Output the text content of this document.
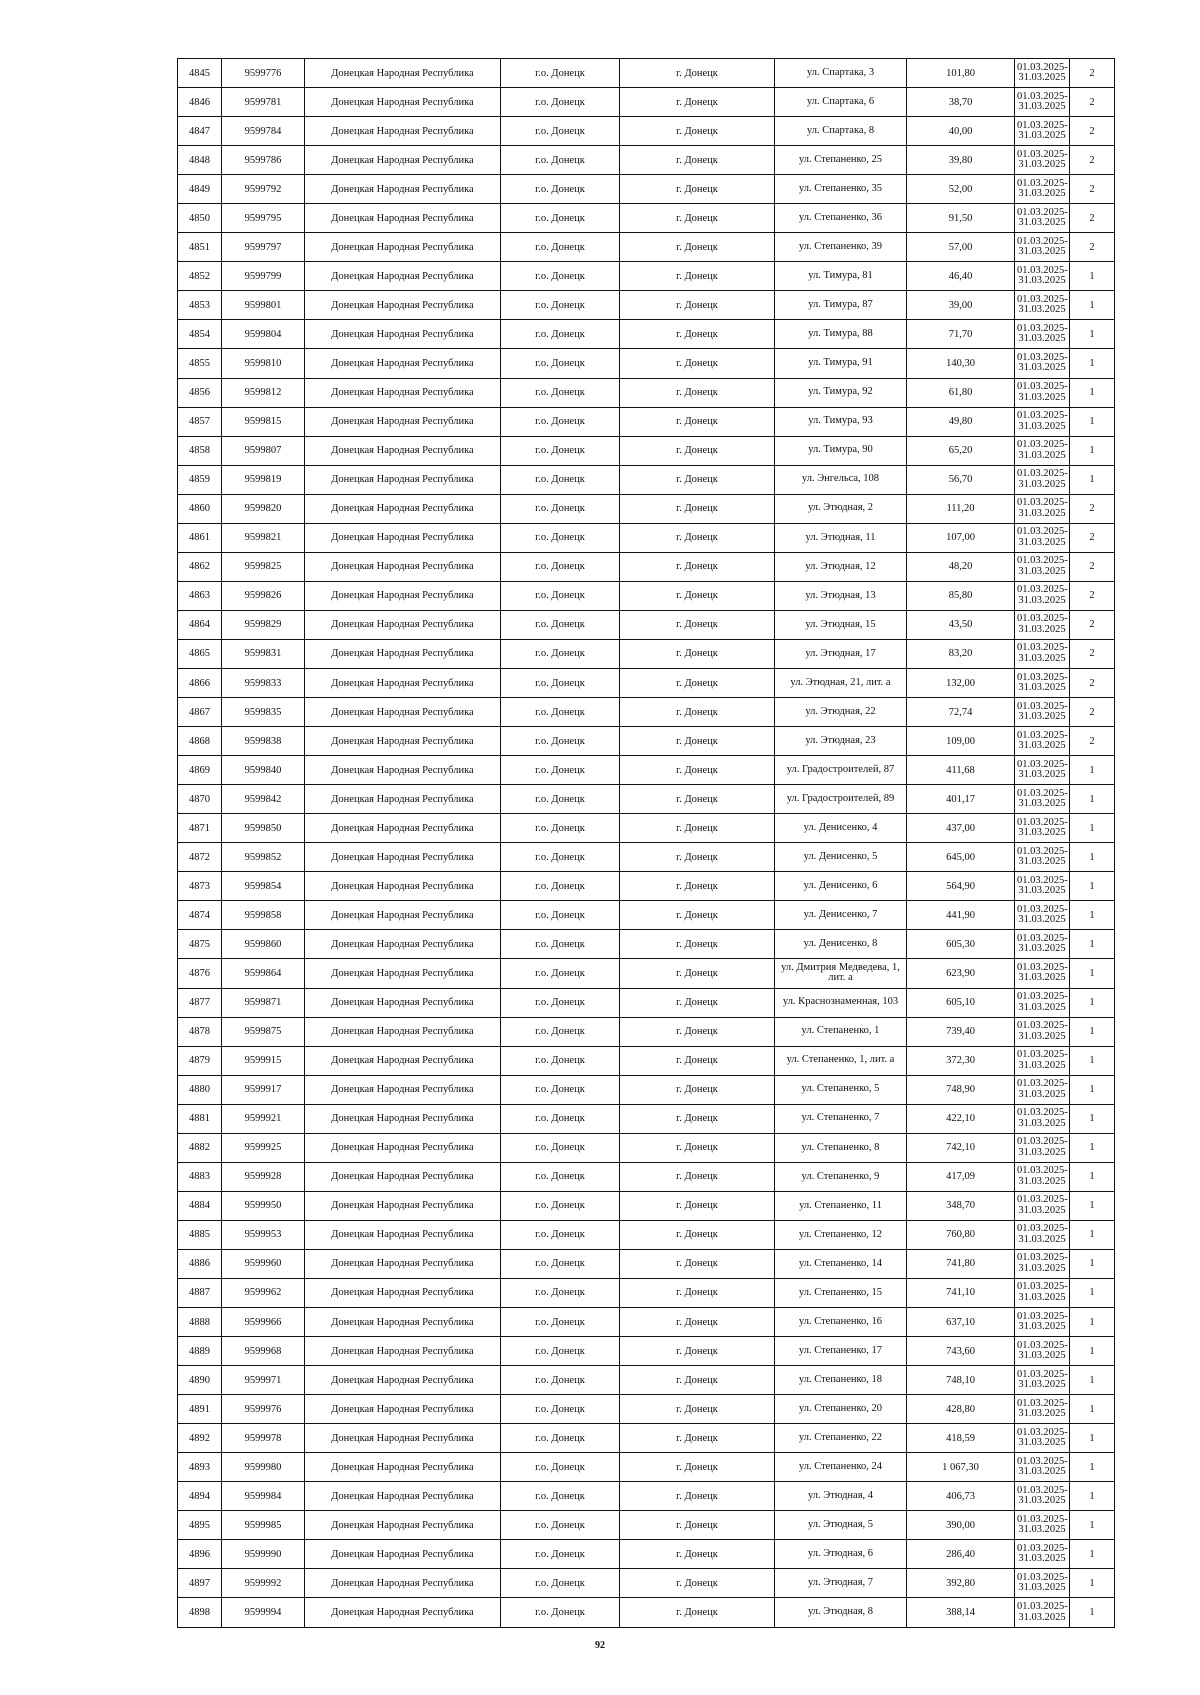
4845	9599776	Донецкая Народная Республика	г.о. Донецк	г. Донецк	ул. Спартака, 3	101,80	01.03.2025-31.03.2025	2
4846	9599781	Донецкая Народная Республика	г.о. Донецк	г. Донецк	ул. Спартака, 6	38,70	01.03.2025-31.03.2025	2
4847	9599784	Донецкая Народная Республика	г.о. Донецк	г. Донецк	ул. Спартака, 8	40,00	01.03.2025-31.03.2025	2
4848	9599786	Донецкая Народная Республика	г.о. Донецк	г. Донецк	ул. Степаненко, 25	39,80	01.03.2025-31.03.2025	2
4849	9599792	Донецкая Народная Республика	г.о. Донецк	г. Донецк	ул. Степаненко, 35	52,00	01.03.2025-31.03.2025	2
4850	9599795	Донецкая Народная Республика	г.о. Донецк	г. Донецк	ул. Степаненко, 36	91,50	01.03.2025-31.03.2025	2
4851	9599797	Донецкая Народная Республика	г.о. Донецк	г. Донецк	ул. Степаненко, 39	57,00	01.03.2025-31.03.2025	2
4852	9599799	Донецкая Народная Республика	г.о. Донецк	г. Донецк	ул. Тимура, 81	46,40	01.03.2025-31.03.2025	1
4853	9599801	Донецкая Народная Республика	г.о. Донецк	г. Донецк	ул. Тимура, 87	39,00	01.03.2025-31.03.2025	1
4854	9599804	Донецкая Народная Республика	г.о. Донецк	г. Донецк	ул. Тимура, 88	71,70	01.03.2025-31.03.2025	1
4855	9599810	Донецкая Народная Республика	г.о. Донецк	г. Донецк	ул. Тимура, 91	140,30	01.03.2025-31.03.2025	1
4856	9599812	Донецкая Народная Республика	г.о. Донецк	г. Донецк	ул. Тимура, 92	61,80	01.03.2025-31.03.2025	1
4857	9599815	Донецкая Народная Республика	г.о. Донецк	г. Донецк	ул. Тимура, 93	49,80	01.03.2025-31.03.2025	1
4858	9599807	Донецкая Народная Республика	г.о. Донецк	г. Донецк	ул. Тимура, 90	65,20	01.03.2025-31.03.2025	1
4859	9599819	Донецкая Народная Республика	г.о. Донецк	г. Донецк	ул. Энгельса, 108	56,70	01.03.2025-31.03.2025	1
4860	9599820	Донецкая Народная Республика	г.о. Донецк	г. Донецк	ул. Этюдная, 2	111,20	01.03.2025-31.03.2025	2
4861	9599821	Донецкая Народная Республика	г.о. Донецк	г. Донецк	ул. Этюдная, 11	107,00	01.03.2025-31.03.2025	2
4862	9599825	Донецкая Народная Республика	г.о. Донецк	г. Донецк	ул. Этюдная, 12	48,20	01.03.2025-31.03.2025	2
4863	9599826	Донецкая Народная Республика	г.о. Донецк	г. Донецк	ул. Этюдная, 13	85,80	01.03.2025-31.03.2025	2
4864	9599829	Донецкая Народная Республика	г.о. Донецк	г. Донецк	ул. Этюдная, 15	43,50	01.03.2025-31.03.2025	2
4865	9599831	Донецкая Народная Республика	г.о. Донецк	г. Донецк	ул. Этюдная, 17	83,20	01.03.2025-31.03.2025	2
4866	9599833	Донецкая Народная Республика	г.о. Донецк	г. Донецк	ул. Этюдная, 21, лит. а	132,00	01.03.2025-31.03.2025	2
4867	9599835	Донецкая Народная Республика	г.о. Донецк	г. Донецк	ул. Этюдная, 22	72,74	01.03.2025-31.03.2025	2
4868	9599838	Донецкая Народная Республика	г.о. Донецк	г. Донецк	ул. Этюдная, 23	109,00	01.03.2025-31.03.2025	2
4869	9599840	Донецкая Народная Республика	г.о. Донецк	г. Донецк	ул. Градостроителей, 87	411,68	01.03.2025-31.03.2025	1
4870	9599842	Донецкая Народная Республика	г.о. Донецк	г. Донецк	ул. Градостроителей, 89	401,17	01.03.2025-31.03.2025	1
4871	9599850	Донецкая Народная Республика	г.о. Донецк	г. Донецк	ул. Денисенко, 4	437,00	01.03.2025-31.03.2025	1
4872	9599852	Донецкая Народная Республика	г.о. Донецк	г. Донецк	ул. Денисенко, 5	645,00	01.03.2025-31.03.2025	1
4873	9599854	Донецкая Народная Республика	г.о. Донецк	г. Донецк	ул. Денисенко, 6	564,90	01.03.2025-31.03.2025	1
4874	9599858	Донецкая Народная Республика	г.о. Донецк	г. Донецк	ул. Денисенко, 7	441,90	01.03.2025-31.03.2025	1
4875	9599860	Донецкая Народная Республика	г.о. Донецк	г. Донецк	ул. Денисенко, 8	605,30	01.03.2025-31.03.2025	1
4876	9599864	Донецкая Народная Республика	г.о. Донецк	г. Донецк	ул. Дмитрия Медведева, 1, лит. а	623,90	01.03.2025-31.03.2025	1
4877	9599871	Донецкая Народная Республика	г.о. Донецк	г. Донецк	ул. Краснознаменная, 103	605,10	01.03.2025-31.03.2025	1
4878	9599875	Донецкая Народная Республика	г.о. Донецк	г. Донецк	ул. Степаненко, 1	739,40	01.03.2025-31.03.2025	1
4879	9599915	Донецкая Народная Республика	г.о. Донецк	г. Донецк	ул. Степаненко, 1, лит. а	372,30	01.03.2025-31.03.2025	1
4880	9599917	Донецкая Народная Республика	г.о. Донецк	г. Донецк	ул. Степаненко, 5	748,90	01.03.2025-31.03.2025	1
4881	9599921	Донецкая Народная Республика	г.о. Донецк	г. Донецк	ул. Степаненко, 7	422,10	01.03.2025-31.03.2025	1
4882	9599925	Донецкая Народная Республика	г.о. Донецк	г. Донецк	ул. Степаненко, 8	742,10	01.03.2025-31.03.2025	1
4883	9599928	Донецкая Народная Республика	г.о. Донецк	г. Донецк	ул. Степаненко, 9	417,09	01.03.2025-31.03.2025	1
4884	9599950	Донецкая Народная Республика	г.о. Донецк	г. Донецк	ул. Степаненко, 11	348,70	01.03.2025-31.03.2025	1
4885	9599953	Донецкая Народная Республика	г.о. Донецк	г. Донецк	ул. Степаненко, 12	760,80	01.03.2025-31.03.2025	1
4886	9599960	Донецкая Народная Республика	г.о. Донецк	г. Донецк	ул. Степаненко, 14	741,80	01.03.2025-31.03.2025	1
4887	9599962	Донецкая Народная Республика	г.о. Донецк	г. Донецк	ул. Степаненко, 15	741,10	01.03.2025-31.03.2025	1
4888	9599966	Донецкая Народная Республика	г.о. Донецк	г. Донецк	ул. Степаненко, 16	637,10	01.03.2025-31.03.2025	1
4889	9599968	Донецкая Народная Республика	г.о. Донецк	г. Донецк	ул. Степаненко, 17	743,60	01.03.2025-31.03.2025	1
4890	9599971	Донецкая Народная Республика	г.о. Донецк	г. Донецк	ул. Степаненко, 18	748,10	01.03.2025-31.03.2025	1
4891	9599976	Донецкая Народная Республика	г.о. Донецк	г. Донецк	ул. Степаненко, 20	428,80	01.03.2025-31.03.2025	1
4892	9599978	Донецкая Народная Республика	г.о. Донецк	г. Донецк	ул. Степаненко, 22	418,59	01.03.2025-31.03.2025	1
4893	9599980	Донецкая Народная Республика	г.о. Донецк	г. Донецк	ул. Степаненко, 24	1 067,30	01.03.2025-31.03.2025	1
4894	9599984	Донецкая Народная Республика	г.о. Донецк	г. Донецк	ул. Этюдная, 4	406,73	01.03.2025-31.03.2025	1
4895	9599985	Донецкая Народная Республика	г.о. Донецк	г. Донецк	ул. Этюдная, 5	390,00	01.03.2025-31.03.2025	1
4896	9599990	Донецкая Народная Республика	г.о. Донецк	г. Донецк	ул. Этюдная, 6	286,40	01.03.2025-31.03.2025	1
4897	9599992	Донецкая Народная Республика	г.о. Донецк	г. Донецк	ул. Этюдная, 7	392,80	01.03.2025-31.03.2025	1
4898	9599994	Донецкая Народная Республика	г.о. Донецк	г. Донецк	ул. Этюдная, 8	388,14	01.03.2025-31.03.2025	1
92
